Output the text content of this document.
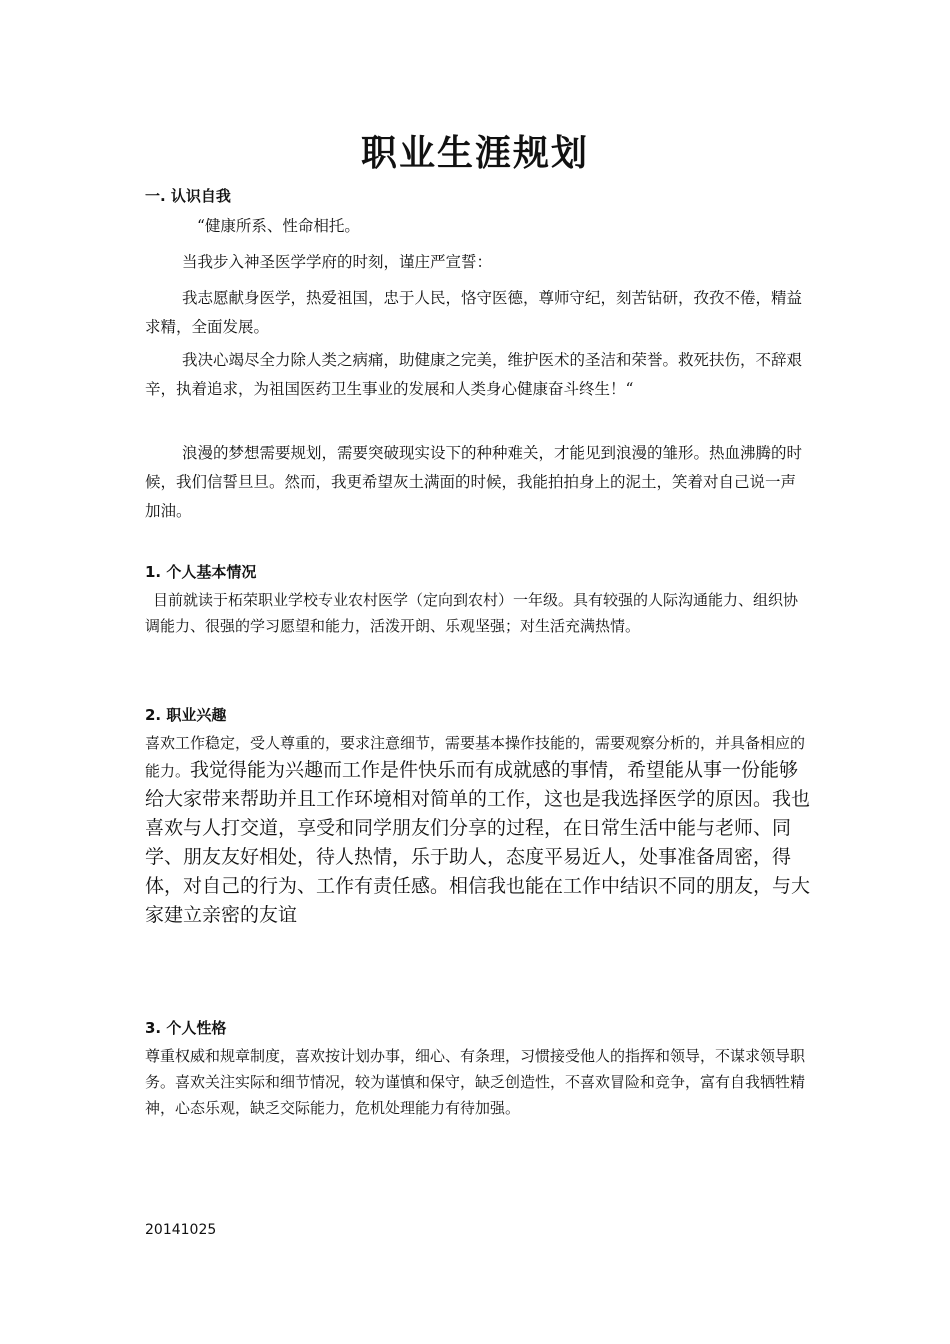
职业生涯规划
一. 认识自我

“健康所系、性命相托。

当我步入神圣医学学府的时刻，谨庄严宣誓：

我志愿献身医学，热爱祖国，忠于人民，恪守医德，尊师守纪，刻苦钻研，孜孜不倦，精益求精，全面发展。

我决心竭尽全力除人类之病痛，助健康之完美，维护医术的圣洁和荣誉。救死扶伤，不辞艰辛，执着追求，为祖国医药卫生事业的发展和人类身心健康奋斗终生！“

浪漫的梦想需要规划，需要突破现实设下的种种难关，才能见到浪漫的雏形。热血沸腾的时候，我们信誓旦旦。然而，我更希望灰土满面的时候，我能拍拍身上的泥土，笑着对自己说一声加油。

1. 个人基本情况

目前就读于柘荣职业学校专业农村医学（定向到农村）一年级。具有较强的人际沟通能力、组织协调能力、很强的学习愿望和能力，活泼开朗、乐观坚强；对生活充满热情。

2. 职业兴趣

喜欢工作稳定，受人尊重的，要求注意细节，需要基本操作技能的，需要观察分析的，并具备相应的能力。我觉得能为兴趣而工作是件快乐而有成就感的事情，希望能从事一份能够给大家带来帮助并且工作环境相对简单的工作，这也是我选择医学的原因。我也喜欢与人打交道，享受和同学朋友们分享的过程，在日常生活中能与老师、同学、朋友友好相处，待人热情，乐于助人，态度平易近人，处事准备周密，得体，对自己的行为、工作有责任感。相信我也能在工作中结识不同的朋友，与大家建立亲密的友谊

3. 个人性格

尊重权威和规章制度，喜欢按计划办事，细心、有条理，习惯接受他人的指挥和领导，不谋求领导职务。喜欢关注实际和细节情况，较为谨慎和保守，缺乏创造性，不喜欢冒险和竞争，富有自我牺牲精神，心态乐观，缺乏交际能力，危机处理能力有待加强。

20141025
